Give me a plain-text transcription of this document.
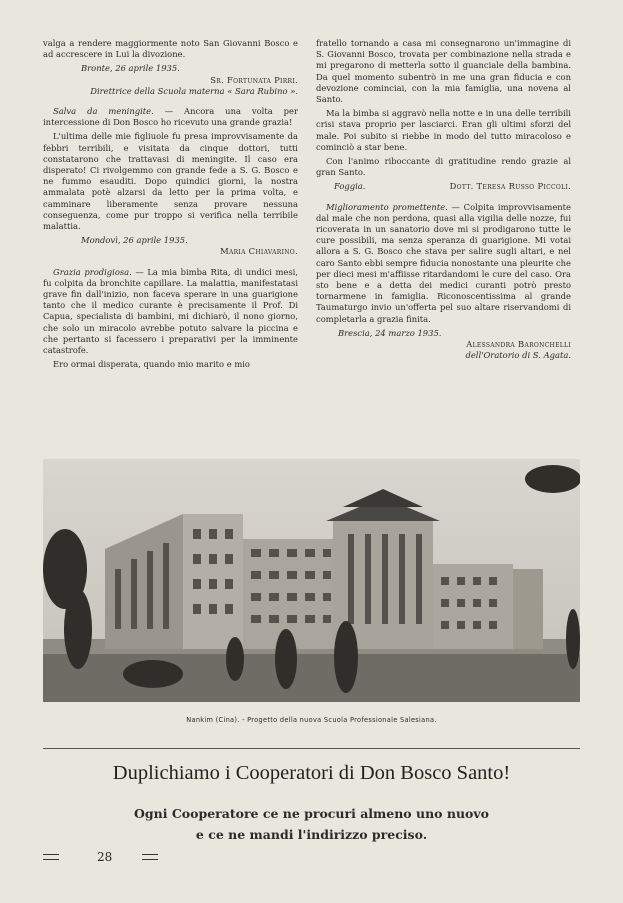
valga a rendere maggiormente noto San Giovanni Bosco e ad accrescere in Lui la divozione.

Bronte, 26 aprile 1935.
Sr. Fortunata Pirri.
Direttrice della Scuola materna « Sara Rubino ».

Salva da meningite. — Ancora una volta per intercessione di Don Bosco ho ricevuto una grande grazia!

L'ultima delle mie figliuole fu presa improvvisamente da febbri terribili, e visitata da cinque dottori, tutti constatarono che trattavasi di meningite. Il caso era disperato! Ci rivolgemmo con grande fede a S. G. Bosco e ne fummo esauditi. Dopo quindici giorni, la nostra ammalata potè alzarsi da letto per la prima volta, e camminare liberamente senza provare nessuna conseguenza, come pur troppo si verifica nella terribile malattia.

Mondovì, 26 aprile 1935.
Maria Chiavarino.

Grazia prodigiosa. — La mia bimba Rita, di undici mesi, fu colpita da bronchite capillare. La malattia, manifestatasi grave fin dall'inizio, non faceva sperare in una guarigione tanto che il medico curante è precisamente il Prof. Di Capua, specialista di bambini, mi dichiarò, il nono giorno, che solo un miracolo avrebbe potuto salvare la piccina e che pertanto si facessero i preparativi per la imminente catastrofe.

Ero ormai disperata, quando mio marito e mio

fratello tornando a casa mi consegnarono un'immagine di S. Giovanni Bosco, trovata per combinazione nella strada e mi pregarono di metterla sotto il guanciale della bambina. Da quel momento subentrò in me una gran fiducia e con devozione cominciai, con la mia famiglia, una novena al Santo.

Ma la bimba si aggravò nella notte e in una delle terribili crisi stava proprio per lasciarci. Eran gli ultimi sforzi del male. Poi subito si riebbe in modo del tutto miracoloso e cominciò a star bene.

Con l'animo riboccante di gratitudine rendo grazie al gran Santo.

Foggia.	Dott. Teresa Russo Piccoli.

Miglioramento promettente. — Colpita improvvisamente dal male che non perdona, quasi alla vigilia delle nozze, fui ricoverata in un sanatorio dove mi si prodigarono tutte le cure possibili, ma senza speranza di guarigione. Mi votai allora a S. G. Bosco che stava per salire sugli altari, e nel caro Santo ebbi sempre fiducia nonostante una pleurite che per dieci mesi m'affiisse ritardandomi le cure del caso. Ora sto bene e a detta dei medici curanti potrò presto tornarmene in famiglia. Riconoscentissima al grande Taumaturgo invio un'offerta pel suo altare riservandomi di completarla a grazia finita.

Brescia, 24 marzo 1935.
Alessandra Baronchelli
dell'Oratorio di S. Agata.
Nankim (Cina). - Progetto della nuova Scuola Professionale Salesiana.
Duplichiamo i Cooperatori di Don Bosco Santo!
Ogni Cooperatore ce ne procuri almeno uno nuovo
e ce ne mandi l'indirizzo preciso.
28
